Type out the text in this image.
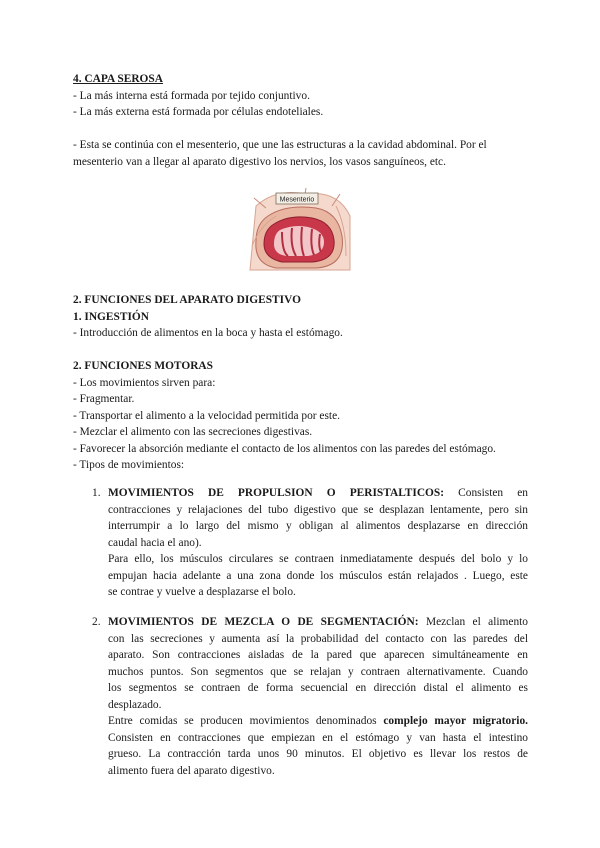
4. CAPA SEROSA
- La más interna está formada por tejido conjuntivo.
- La más externa está formada por células endoteliales.
- Esta se continúa con el mesenterio, que une las estructuras a la cavidad abdominal. Por el
mesenterio van a llegar al aparato digestivo los nervios, los vasos sanguíneos, etc.
Mesenterio
2. FUNCIONES DEL APARATO DIGESTIVO
1. INGESTIÓN
- Introducción de alimentos en la boca y hasta el estómago.
2. FUNCIONES MOTORAS
- Los movimientos sirven para:
- Fragmentar.
- Transportar el alimento a la velocidad permitida por este.
- Mezclar el alimento con las secreciones digestivas.
- Favorecer la absorción mediante el contacto de los alimentos con las paredes del estómago.
- Tipos de movimientos:
1. MOVIMIENTOS DE PROPULSION O PERISTALTICOS: Consisten en
contracciones y relajaciones del tubo digestivo que se desplazan lentamente, pero sin
interrumpir a lo largo del mismo y obligan al alimentos desplazarse en dirección
caudal hacia el ano).
Para ello, los músculos circulares se contraen inmediatamente después del bolo y lo
empujan hacia adelante a una zona donde los músculos están relajados . Luego, este
se contrae y vuelve a desplazarse el bolo.
2. MOVIMIENTOS DE MEZCLA O DE SEGMENTACIÓN: Mezclan el alimento
con las secreciones y aumenta así la probabilidad del contacto con las paredes del
aparato. Son contracciones aisladas de la pared que aparecen simultáneamente en
muchos puntos. Son segmentos que se relajan y contraen alternativamente. Cuando
los segmentos se contraen de forma secuencial en dirección distal el alimento es
desplazado.
Entre comidas se producen movimientos denominados complejo mayor migratorio.
Consisten en contracciones que empiezan en el estómago y van hasta el intestino
grueso. La contracción tarda unos 90 minutos. El objetivo es llevar los restos de
alimento fuera del aparato digestivo.
